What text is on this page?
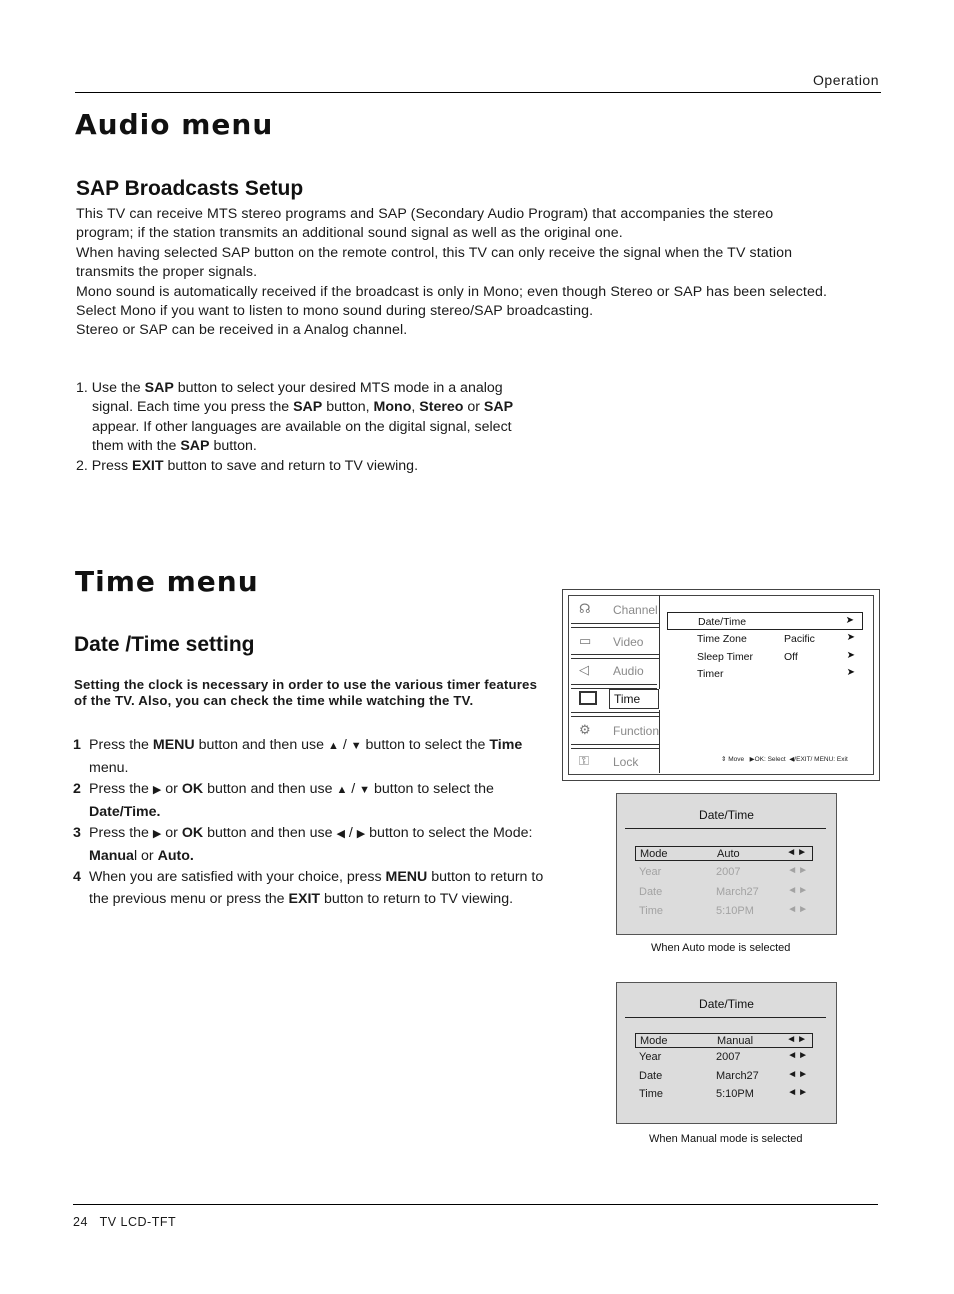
Operation
Audio menu
SAP Broadcasts Setup

This TV can receive MTS stereo programs and SAP (Secondary Audio Program) that accompanies the stereo

program; if the station transmits an additional sound signal as well as the original one.

When having selected SAP button on the remote control, this TV can only receive the signal when the TV station

transmits the proper signals.

Mono sound is automatically received if the broadcast is only in Mono; even though Stereo or SAP has been selected.

Select Mono if you want to listen to mono sound during stereo/SAP broadcasting.

Stereo or SAP can be received in a Analog channel.

1. Use the SAP button to select your desired MTS mode in a analog

signal. Each time you press the SAP button, Mono, Stereo or SAP

appear. If other languages are available on the digital signal, select

them with the SAP button.

2. Press EXIT button to save and return to TV viewing.

Time menu
Date /Time setting
Setting the clock is necessary in order to use the various timer features of the TV. Also, you can check the time while watching the TV.
1 Press the MENU button and then use ▲ / ▼ button to select the Time menu.
2 Press the ▶ or OK button and then use ▲ / ▼ button to select the Date/Time.
3 Press the ▶ or OK button and then use ◀ / ▶ button to select the Mode: Manual or Auto.
4 When you are satisfied with your choice, press MENU button to return to the previous menu or press the EXIT button to return to TV viewing.
☊	Channel
▭	Video
◁	Audio
Time
⚙	Function
⚿	Lock
Date/Time	➤
Time Zone	Pacific	➤
Sleep Timer	Off	➤
Timer	➤
⇕ Move ▶OK: Select ◀/EXIT/ MENU: Exit
Date/Time
Mode	Auto	◄►
Year	2007	◄►
Date	March27	◄►
Time	5:10PM	◄►
When Auto mode is selected
Date/Time
Mode	Manual	◄►
Year	2007	◄►
Date	March27	◄►
Time	5:10PM	◄►
When Manual mode is selected
24 TV LCD-TFT
